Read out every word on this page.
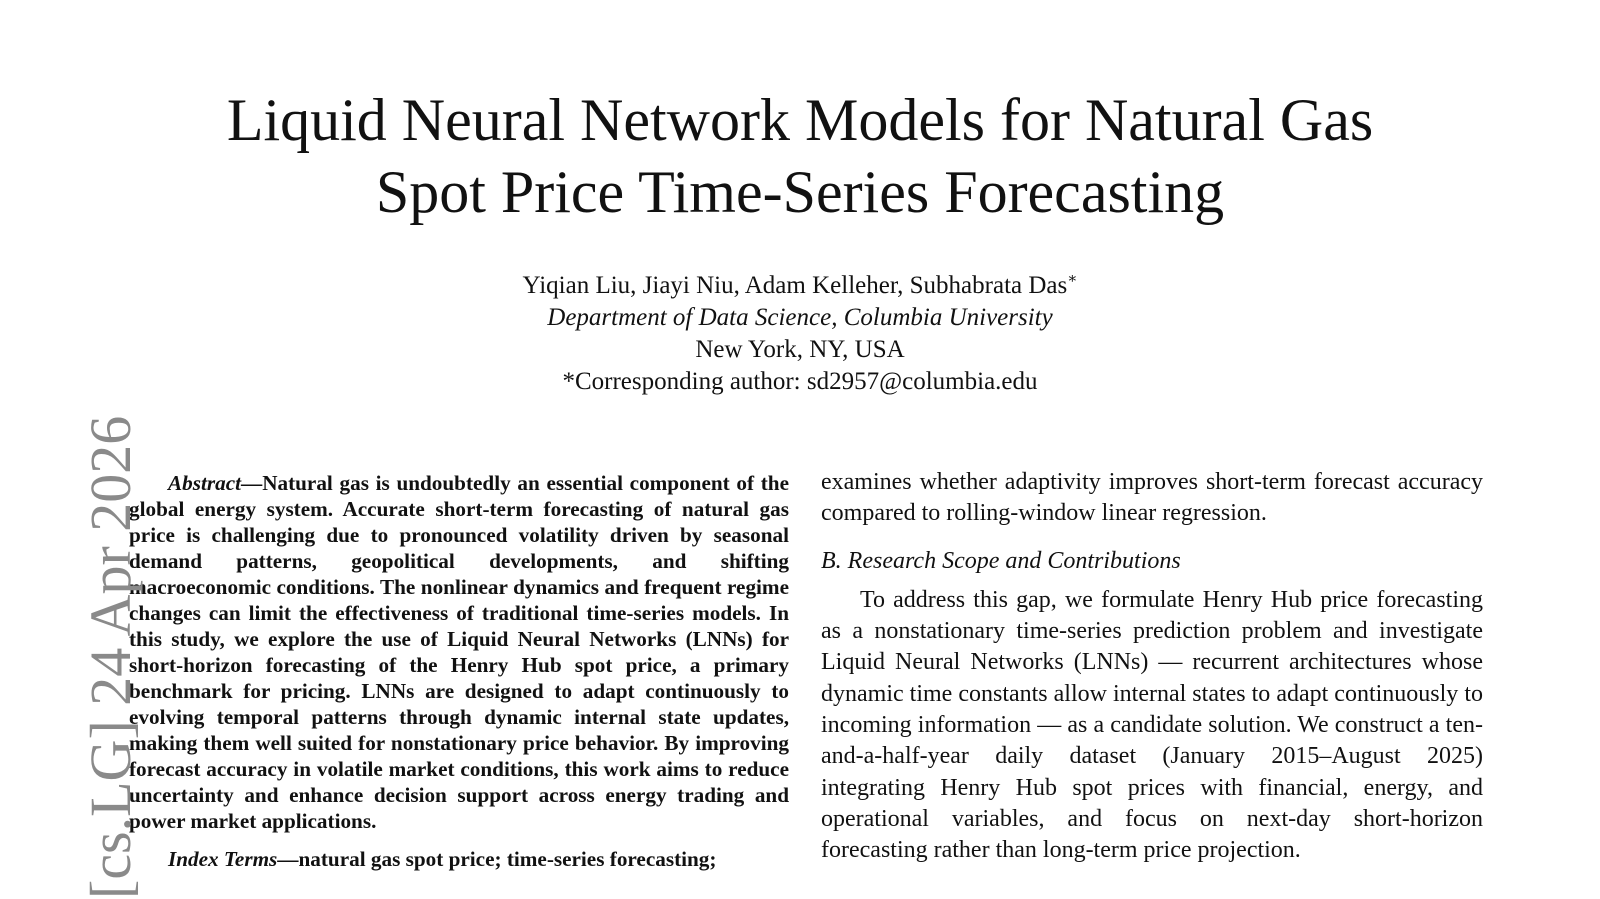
Liquid Neural Network Models for Natural Gas
Spot Price Time-Series Forecasting
Yiqian Liu, Jiayi Niu, Adam Kelleher, Subhabrata Das∗
Department of Data Science, Columbia University
New York, NY, USA
*Corresponding author: sd2957@columbia.edu

Abstract—Natural gas is undoubtedly an essential component of the global energy system. Accurate short-term forecasting of natural gas price is challenging due to pronounced volatility driven by seasonal demand patterns, geopolitical developments, and shifting macroeconomic conditions. The nonlinear dynamics and frequent regime changes can limit the effectiveness of traditional time-series models. In this study, we explore the use of Liquid Neural Networks (LNNs) for short-horizon forecasting of the Henry Hub spot price, a primary benchmark for pricing. LNNs are designed to adapt continuously to evolving temporal patterns through dynamic internal state updates, making them well suited for nonstationary price behavior. By improving forecast accuracy in volatile market conditions, this work aims to reduce uncertainty and enhance decision support across energy trading and power market applications.

Index Terms—natural gas spot price; time-series forecasting;

examines whether adaptivity improves short-term forecast accuracy compared to rolling-window linear regression.

B. Research Scope and Contributions

To address this gap, we formulate Henry Hub price forecasting as a nonstationary time-series prediction problem and investigate Liquid Neural Networks (LNNs) — recurrent architectures whose dynamic time constants allow internal states to adapt continuously to incoming information — as a candidate solution. We construct a ten-and-a-half-year daily dataset (January 2015–August 2025) integrating Henry Hub spot prices with financial, energy, and operational variables, and focus on next-day short-horizon forecasting rather than long-term price projection.

[cs.LG] 24 Apr 2026
